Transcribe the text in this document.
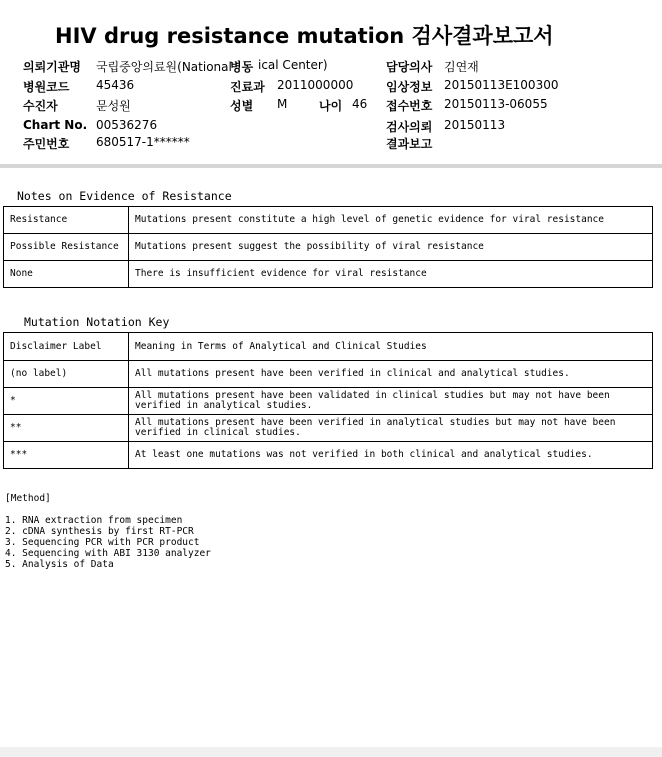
HIV drug resistance mutation 검사결과보고서
의뢰기관명 국립중앙의료원(National ical Center)
병동	담당의사 김연재
병원코드 45436	진료과 2011000000	임상정보 20150113E100300
수진자	문성원	성별 M	나이 46 접수번호 20150113-06055
Chart No. 00536276	검사의뢰 20150113
주민번호 680517-1******	결과보고
Notes on Evidence of Resistance
Resistance	Mutations present constitute a high level of genetic evidence for viral resistance
Possible Resistance	Mutations present suggest the possibility of viral resistance
None	There is insufficient evidence for viral resistance
Mutation Notation Key
Disclaimer Label	Meaning in Terms of Analytical and Clinical Studies
(no label)	All mutations present have been verified in clinical and analytical studies.
*	All mutations present have been validated in clinical studies but may not have been verified in analytical studies.
**	All mutations present have been verified in analytical studies but may not have been verified in clinical studies.
***	At least one mutations was not verified in both clinical and analytical studies.
[Method]
1. RNA extraction from specimen
2. cDNA synthesis by first RT-PCR
3. Sequencing PCR with PCR product
4. Sequencing with ABI 3130 analyzer
5. Analysis of Data
